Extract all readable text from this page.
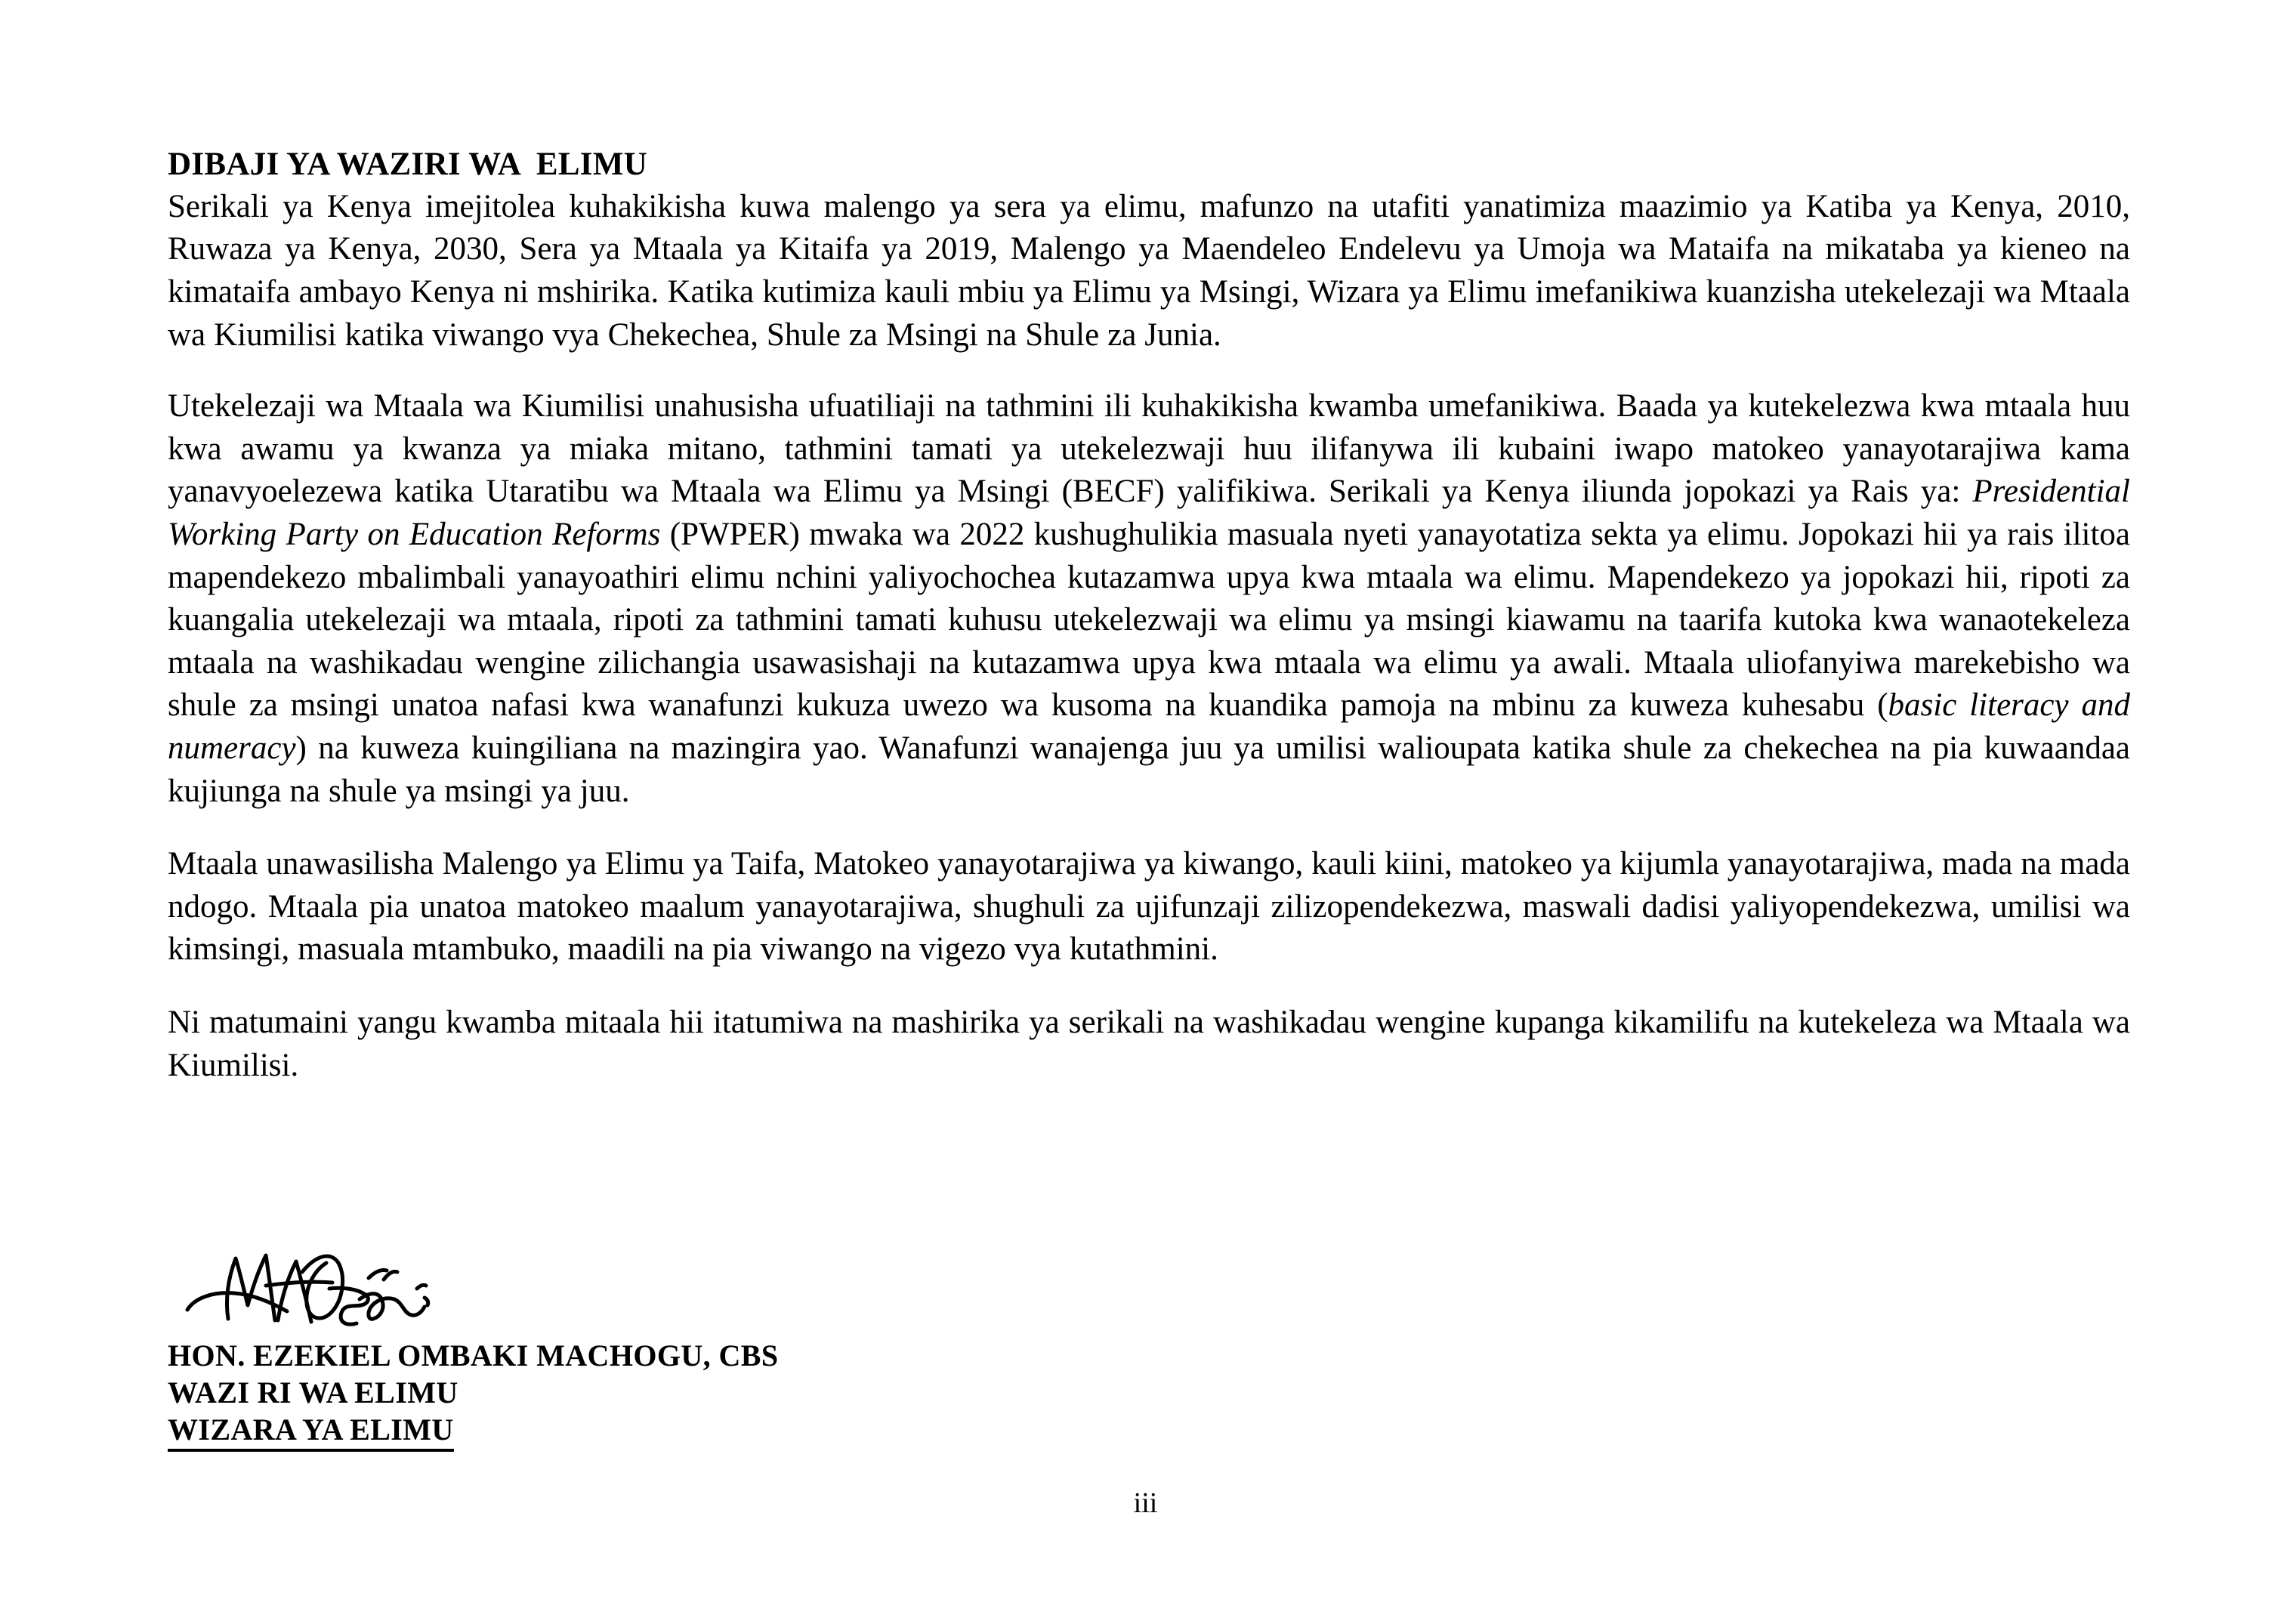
DIBAJI YA WAZIRI WA  ELIMU

Serikali ya Kenya imejitolea kuhakikisha kuwa malengo ya sera ya elimu, mafunzo na utafiti yanatimiza maazimio ya Katiba ya Kenya, 2010, Ruwaza ya Kenya, 2030, Sera ya Mtaala ya Kitaifa ya 2019, Malengo ya Maendeleo Endelevu ya Umoja wa Mataifa na mikataba ya kieneo na kimataifa ambayo Kenya ni mshirika. Katika kutimiza kauli mbiu ya Elimu ya Msingi, Wizara ya Elimu imefanikiwa kuanzisha utekelezaji wa Mtaala wa Kiumilisi katika viwango vya Chekechea, Shule za Msingi na Shule za Junia.

Utekelezaji wa Mtaala wa Kiumilisi unahusisha ufuatiliaji na tathmini ili kuhakikisha kwamba umefanikiwa. Baada ya kutekelezwa kwa mtaala huu kwa awamu ya kwanza ya miaka mitano, tathmini tamati ya utekelezwaji huu ilifanywa ili kubaini iwapo matokeo yanayotarajiwa kama yanavyoelezewa katika Utaratibu wa Mtaala wa Elimu ya Msingi (BECF) yalifikiwa. Serikali ya Kenya iliunda jopokazi ya Rais ya: Presidential Working Party on Education Reforms (PWPER) mwaka wa 2022 kushughulikia masuala nyeti yanayotatiza sekta ya elimu. Jopokazi hii ya rais ilitoa mapendekezo mbalimbali yanayoathiri elimu nchini yaliyochochea kutazamwa upya kwa mtaala wa elimu. Mapendekezo ya jopokazi hii, ripoti za kuangalia utekelezaji wa mtaala, ripoti za tathmini tamati kuhusu utekelezwaji wa elimu ya msingi kiawamu na taarifa kutoka kwa wanaotekeleza mtaala na washikadau wengine zilichangia usawasishaji na kutazamwa upya kwa mtaala wa elimu ya awali. Mtaala uliofanyiwa marekebisho wa shule za msingi unatoa nafasi kwa wanafunzi kukuza uwezo wa kusoma na kuandika pamoja na mbinu za kuweza kuhesabu (basic literacy and numeracy) na kuweza kuingiliana na mazingira yao. Wanafunzi wanajenga juu ya umilisi walioupata katika shule za chekechea na pia kuwaandaa kujiunga na shule ya msingi ya juu.

Mtaala unawasilisha Malengo ya Elimu ya Taifa, Matokeo yanayotarajiwa ya kiwango, kauli kiini, matokeo ya kijumla yanayotarajiwa, mada na mada ndogo. Mtaala pia unatoa matokeo maalum yanayotarajiwa, shughuli za ujifunzaji zilizopendekezwa, maswali dadisi yaliyopendekezwa, umilisi wa kimsingi, masuala mtambuko, maadili na pia viwango na vigezo vya kutathmini.

Ni matumaini yangu kwamba mitaala hii itatumiwa na mashirika ya serikali na washikadau wengine kupanga kikamilifu na kutekeleza wa Mtaala wa Kiumilisi.

HON. EZEKIEL OMBAKI MACHOGU, CBS
WAZI RI WA ELIMU
WIZARA YA ELIMU
iii
